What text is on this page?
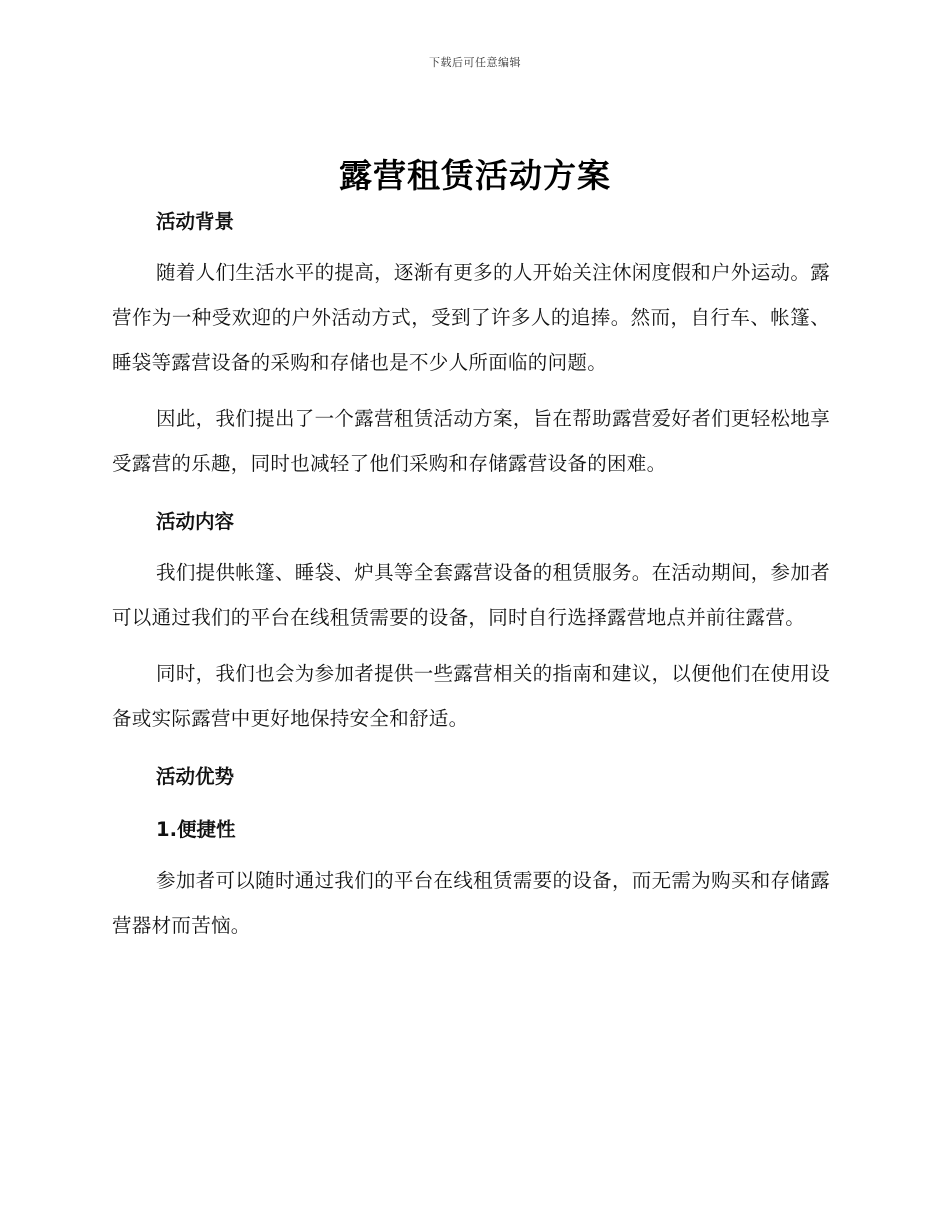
下载后可任意编辑
露营租赁活动方案

活动背景

随着人们生活水平的提高，逐渐有更多的人开始关注休闲度假和户外运动。露营作为一种受欢迎的户外活动方式，受到了许多人的追捧。然而，自行车、帐篷、睡袋等露营设备的采购和存储也是不少人所面临的问题。

因此，我们提出了一个露营租赁活动方案，旨在帮助露营爱好者们更轻松地享受露营的乐趣，同时也减轻了他们采购和存储露营设备的困难。

活动内容

我们提供帐篷、睡袋、炉具等全套露营设备的租赁服务。在活动期间，参加者可以通过我们的平台在线租赁需要的设备，同时自行选择露营地点并前往露营。

同时，我们也会为参加者提供一些露营相关的指南和建议，以便他们在使用设备或实际露营中更好地保持安全和舒适。

活动优势

1.便捷性

参加者可以随时通过我们的平台在线租赁需要的设备，而无需为购买和存储露营器材而苦恼。
